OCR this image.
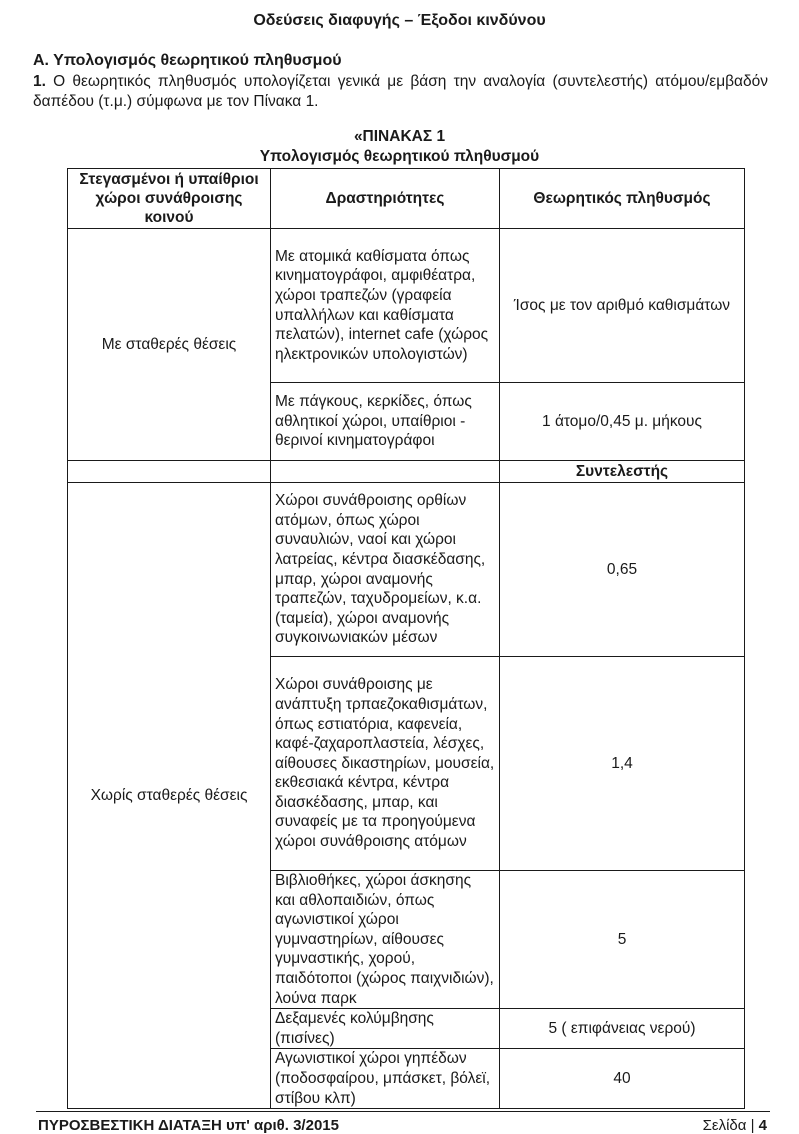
Οδεύσεις διαφυγής – Έξοδοι κινδύνου
Α. Υπολογισμός θεωρητικού πληθυσμού
1. Ο θεωρητικός πληθυσμός υπολογίζεται γενικά με βάση την αναλογία (συντελεστής) ατόμου/εμβαδόν δαπέδου (τ.μ.) σύμφωνα με τον Πίνακα 1.
«ΠΙΝΑΚΑΣ 1
Υπολογισμός θεωρητικού πληθυσμού
Στεγασμένοι ή υπαίθριοι χώροι συνάθροισης κοινού	Δραστηριότητες	Θεωρητικός πληθυσμός
Με σταθερές θέσεις	Με ατομικά καθίσματα όπως κινηματογράφοι, αμφιθέατρα, χώροι τραπεζών (γραφεία υπαλλήλων και καθίσματα πελατών), internet cafe (χώρος ηλεκτρονικών υπολογιστών)	Ίσος με τον αριθμό καθισμάτων
	Με πάγκους, κερκίδες, όπως αθλητικοί χώροι, υπαίθριοι - θερινοί κινηματογράφοι	1 άτομο/0,45 μ. μήκους
		Συντελεστής
Χωρίς σταθερές θέσεις	Χώροι συνάθροισης ορθίων ατόμων, όπως χώροι συναυλιών, ναοί και χώροι λατρείας, κέντρα διασκέδασης, μπαρ, χώροι αναμονής τραπεζών, ταχυδρομείων, κ.α. (ταμεία), χώροι αναμονής συγκοινωνιακών μέσων	0,65
	Χώροι συνάθροισης με ανάπτυξη τρπαεζοκαθισμάτων, όπως εστιατόρια, καφενεία, καφέ-ζαχαροπλαστεία, λέσχες, αίθουσες δικαστηρίων, μουσεία, εκθεσιακά κέντρα, κέντρα διασκέδασης, μπαρ, και συναφείς με τα προηγούμενα χώροι συνάθροισης ατόμων	1,4
	Βιβλιοθήκες, χώροι άσκησης και αθλοπαιδιών, όπως αγωνιστικοί χώροι γυμναστηρίων, αίθουσες γυμναστικής, χορού, παιδότοποι (χώρος παιχνιδιών), λούνα παρκ	5
	Δεξαμενές κολύμβησης (πισίνες)	5 ( επιφάνειας νερού)
	Αγωνιστικοί χώροι γηπέδων (ποδοσφαίρου, μπάσκετ, βόλεϊ, στίβου κλπ)	40
ΠΥΡΟΣΒΕΣΤΙΚΗ ΔΙΑΤΑΞΗ υπ' αριθ. 3/2015	Σελίδα | 4
